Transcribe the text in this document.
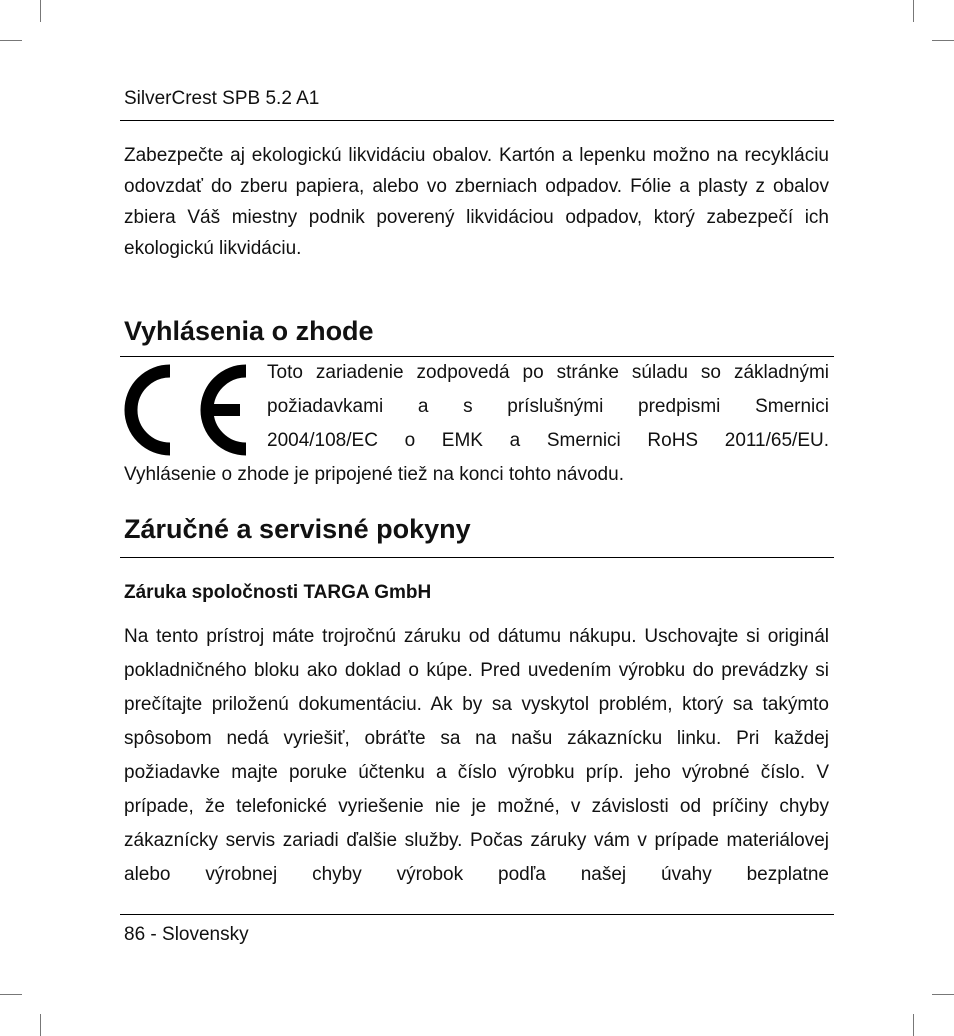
SilverCrest SPB 5.2 A1

Zabezpečte aj ekologickú likvidáciu obalov. Kartón a lepenku možno na recykláciu odovzdať do zberu papiera, alebo vo zberniach odpadov. Fólie a plasty z obalov zbiera Váš miestny podnik poverený likvidáciou odpadov, ktorý zabezpečí ich ekologickú likvidáciu.

Vyhlásenia o zhode
Toto zariadenie zodpovedá po stránke súladu so základnými
požiadavkami a s príslušnými predpismi Smernici
2004/108/EC o EMK a Smernici RoHS 2011/65/EU.

Vyhlásenie o zhode je pripojené tiež na konci tohto návodu.

Záručné a servisné pokyny
Záruka spoločnosti TARGA GmbH

Na tento prístroj máte trojročnú záruku od dátumu nákupu. Uschovajte si originál pokladničného bloku ako doklad o kúpe. Pred uvedením výrobku do prevádzky si prečítajte priloženú dokumentáciu. Ak by sa vyskytol problém, ktorý sa takýmto spôsobom nedá vyriešiť, obráťte sa na našu zákaznícku linku. Pri každej požiadavke majte poruke účtenku a číslo výrobku príp. jeho výrobné číslo. V prípade, že telefonické vyriešenie nie je možné, v závislosti od príčiny chyby zákaznícky servis zariadi ďalšie služby. Počas záruky vám v prípade materiálovej alebo výrobnej chyby výrobok podľa našej úvahy bezplatne

86 - Slovensky
